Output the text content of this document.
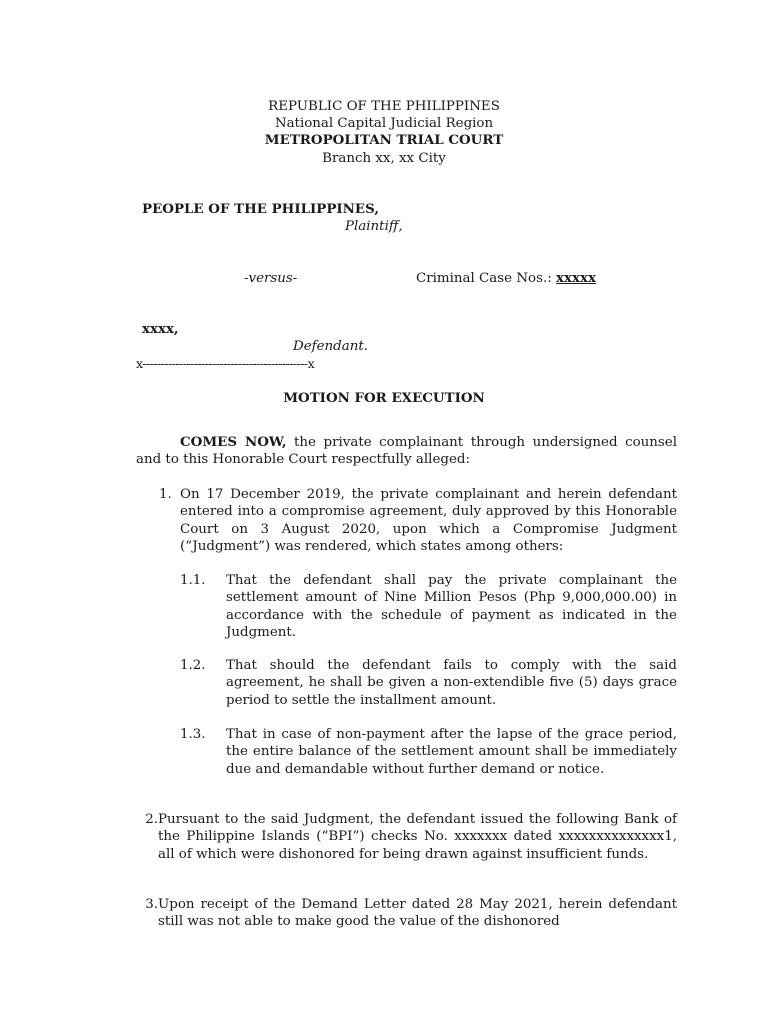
REPUBLIC OF THE PHILIPPINES
National Capital Judicial Region
METROPOLITAN TRIAL COURT
Branch xx, xx City
PEOPLE OF THE PHILIPPINES,
Plaintiff,
-versus-	Criminal Case Nos.: xxxxx
xxxx,
Defendant.
x---------------------------------------------x
MOTION FOR EXECUTION
COMES NOW, the private complainant through undersigned counsel and to this Honorable Court respectfully alleged:
1. On 17 December 2019, the private complainant and herein defendant entered into a compromise agreement, duly approved by this Honorable Court on 3 August 2020, upon which a Compromise Judgment (“Judgment”) was rendered, which states among others:
1.1.	That the defendant shall pay the private complainant the settlement amount of Nine Million Pesos (Php 9,000,000.00) in accordance with the schedule of payment as indicated in the Judgment.
1.2.	That should the defendant fails to comply with the said agreement, he shall be given a non-extendible five (5) days grace period to settle the installment amount.
1.3.	That in case of non-payment after the lapse of the grace period, the entire balance of the settlement amount shall be immediately due and demandable without further demand or notice.
2. Pursuant to the said Judgment, the defendant issued the following Bank of the Philippine Islands (“BPI”) checks No. xxxxxxx dated xxxxxxxxxxxxxx1, all of which were dishonored for being drawn against insufficient funds.
3. Upon receipt of the Demand Letter dated 28 May 2021, herein defendant still was not able to make good the value of the dishonored
